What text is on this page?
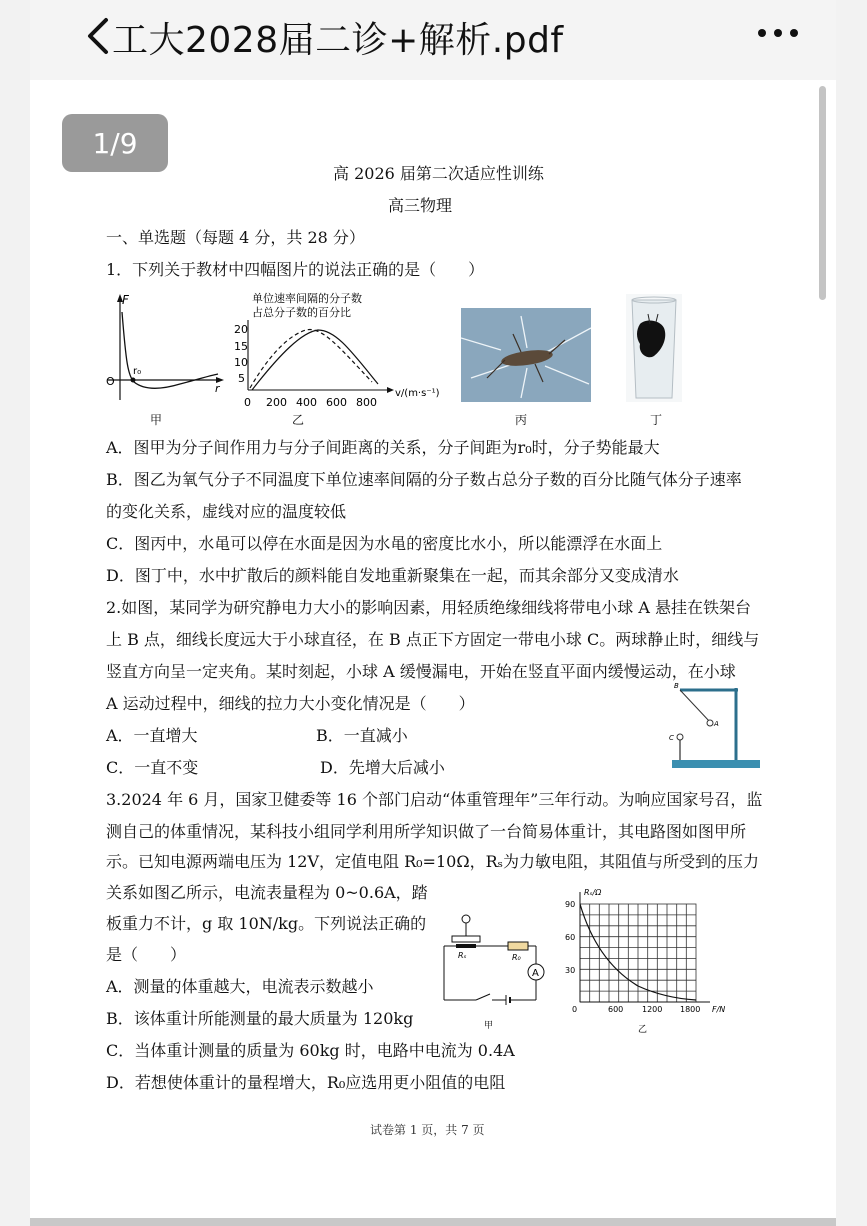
工大2028届二诊+解析.pdf
1/9
高 2026 届第二次适应性训练
高三物理
一、单选题（每题 4 分，共 28 分）
1．下列关于教材中四幅图片的说法正确的是（　　）
F
O
r
r₀
甲
单位速率间隔的分子数
占总分子数的百分比
20
15
10
5
0 200 400 600 800
v/(m·s⁻¹)
乙	丙	丁
A．图甲为分子间作用力与分子间距离的关系，分子间距为r₀时，分子势能最大
B．图乙为氧气分子不同温度下单位速率间隔的分子数占总分子数的百分比随气体分子速率
的变化关系，虚线对应的温度较低
C．图丙中，水黾可以停在水面是因为水黾的密度比水小，所以能漂浮在水面上
D．图丁中，水中扩散后的颜料能自发地重新聚集在一起，而其余部分又变成清水
2.如图，某同学为研究静电力大小的影响因素，用轻质绝缘细线将带电小球 A 悬挂在铁架台
上 B 点，细线长度远大于小球直径，在 B 点正下方固定一带电小球 C。两球静止时，细线与
竖直方向呈一定夹角。某时刻起，小球 A 缓慢漏电，开始在竖直平面内缓慢运动，在小球
A 运动过程中，细线的拉力大小变化情况是（　　）
A．一直增大	B．一直减小
C．一直不变	D．先增大后减小
B
A
C
3.2024 年 6 月，国家卫健委等 16 个部门启动“体重管理年”三年行动。为响应国家号召，监
测自己的体重情况，某科技小组同学利用所学知识做了一台简易体重计，其电路图如图甲所
示。已知电源两端电压为 12V，定值电阻 R₀=10Ω，Rₛ为力敏电阻，其阻值与所受到的压力
关系如图乙所示，电流表量程为 0~0.6A，踏
板重力不计，g 取 10N/kg。下列说法正确的
是（　　）
A．测量的体重越大，电流表示数越小
B．该体重计所能测量的最大质量为 120kg
C．当体重计测量的质量为 60kg 时，电路中电流为 0.4A
D．若想使体重计的量程增大，R₀应选用更小阻值的电阻
A
Rₛ	R₀
甲
Rₛ/Ω
90
60
30
0	600 1200 1800 F/N
乙
试卷第 1 页，共 7 页
